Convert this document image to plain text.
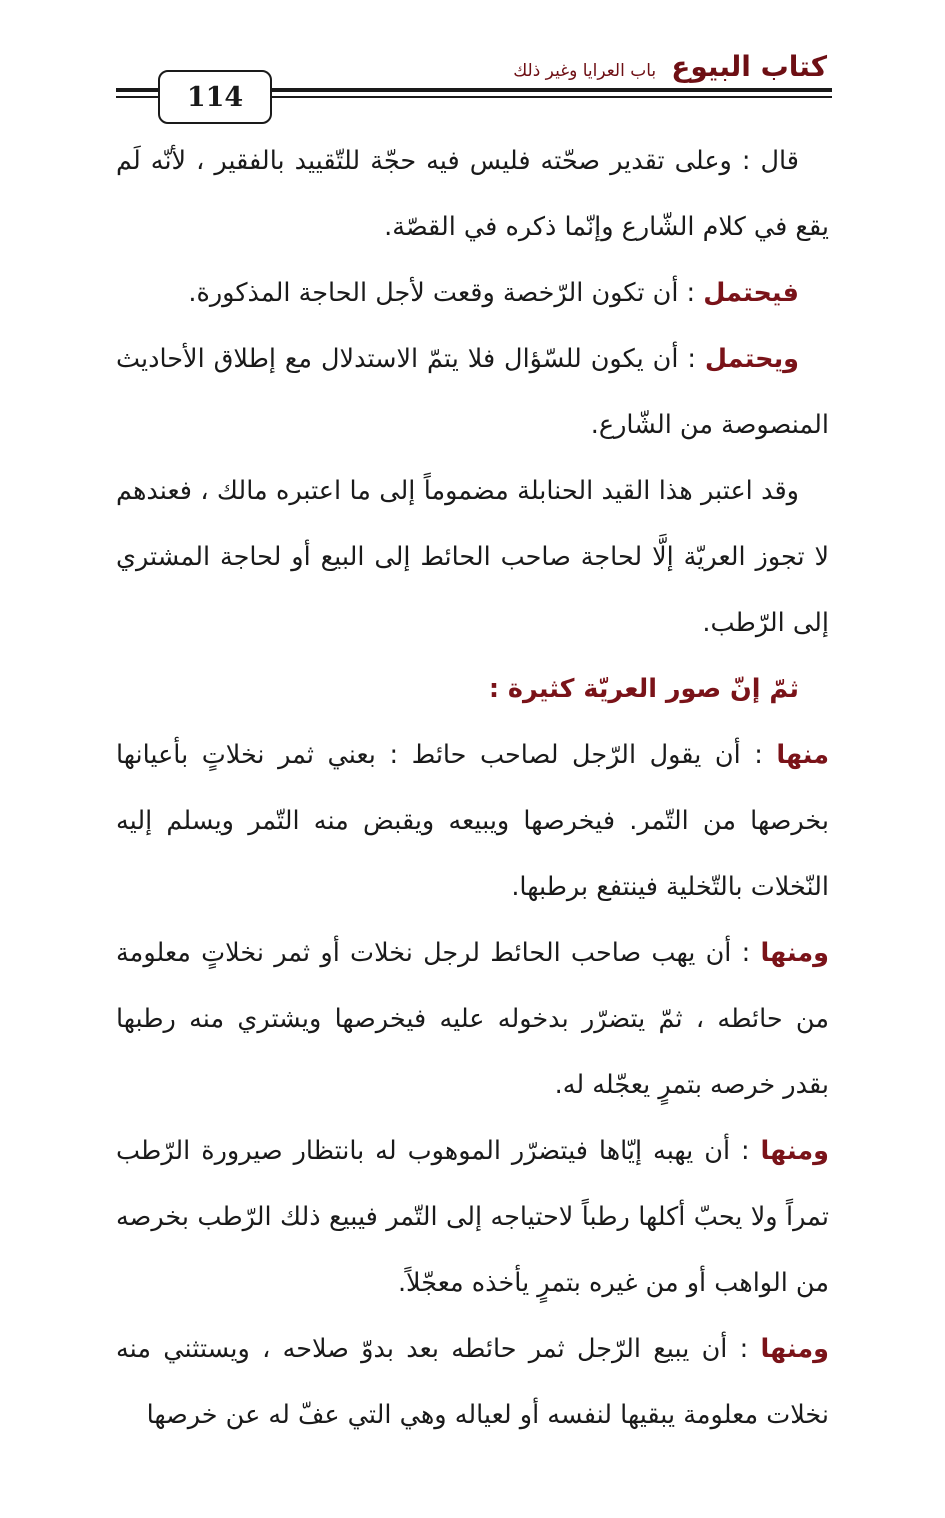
114
كتاب البيوع باب العرايا وغير ذلك

قال : وعلى تقدير صحّته فليس فيه حجّة للتّقييد بالفقير ، لأنّه لَم يقع في كلام الشّارع وإنّما ذكره في القصّة.

فيحتمل : أن تكون الرّخصة وقعت لأجل الحاجة المذكورة.

ويحتمل : أن يكون للسّؤال فلا يتمّ الاستدلال مع إطلاق الأحاديث المنصوصة من الشّارع.

وقد اعتبر هذا القيد الحنابلة مضموماً إلى ما اعتبره مالك ، فعندهم لا تجوز العريّة إلَّا لحاجة صاحب الحائط إلى البيع أو لحاجة المشتري إلى الرّطب.

ثمّ إنّ صور العريّة كثيرة :

منها : أن يقول الرّجل لصاحب حائط : بعني ثمر نخلاتٍ بأعيانها بخرصها من التّمر. فيخرصها ويبيعه ويقبض منه التّمر ويسلم إليه النّخلات بالتّخلية فينتفع برطبها.

ومنها : أن يهب صاحب الحائط لرجل نخلات أو ثمر نخلاتٍ معلومة من حائطه ، ثمّ يتضرّر بدخوله عليه فيخرصها ويشتري منه رطبها بقدر خرصه بتمرٍ يعجّله له.

ومنها : أن يهبه إيّاها فيتضرّر الموهوب له بانتظار صيرورة الرّطب تمراً ولا يحبّ أكلها رطباً لاحتياجه إلى التّمر فيبيع ذلك الرّطب بخرصه من الواهب أو من غيره بتمرٍ يأخذه معجّلاً.

ومنها : أن يبيع الرّجل ثمر حائطه بعد بدوّ صلاحه ، ويستثني منه نخلات معلومة يبقيها لنفسه أو لعياله وهي التي عفّ له عن خرصها
